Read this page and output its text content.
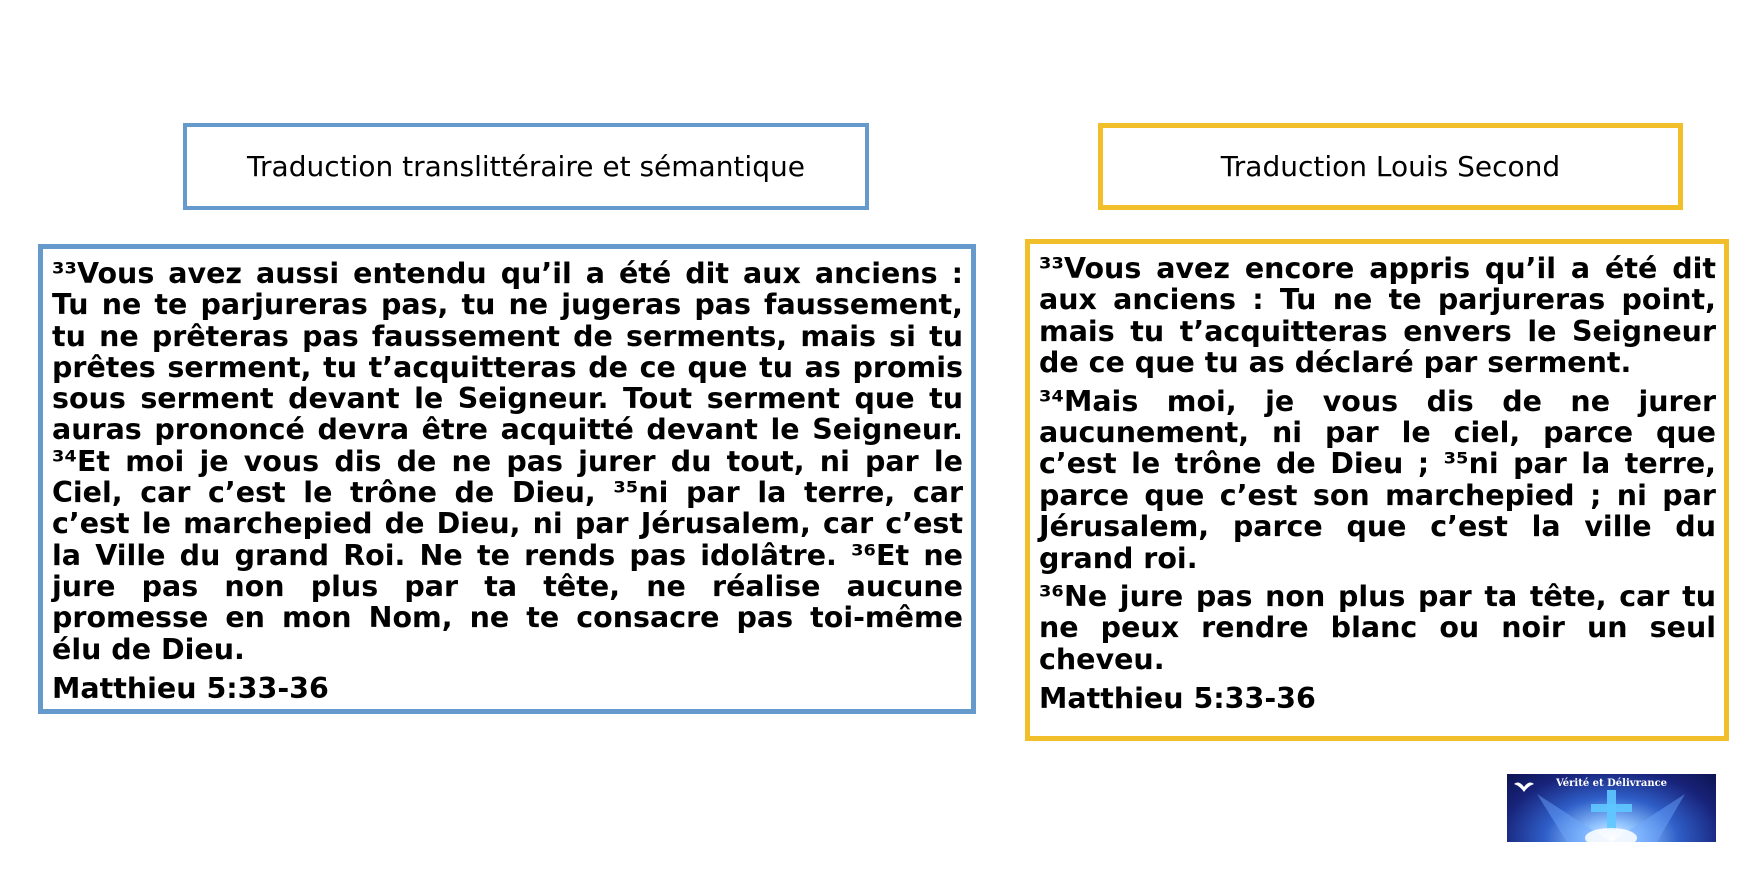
Traduction translittéraire et sémantique	Traduction Louis Second

³³Vous avez aussi entendu qu’il a été dit aux anciens : Tu ne te parjureras pas, tu ne jugeras pas faussement, tu ne prêteras pas faussement de serments, mais si tu prêtes serment, tu t’acquitteras de ce que tu as promis sous serment devant le Seigneur. Tout serment que tu auras prononcé devra être acquitté devant le Seigneur. ³⁴Et moi je vous dis de ne pas jurer du tout, ni par le Ciel, car c’est le trône de Dieu, ³⁵ni par la terre, car c’est le marchepied de Dieu, ni par Jérusalem, car c’est la Ville du grand Roi. Ne te rends pas idolâtre. ³⁶Et ne jure pas non plus par ta tête, ne réalise aucune promesse en mon Nom, ne te consacre pas toi-même élu de Dieu.

Matthieu 5:33-36

³³Vous avez encore appris qu’il a été dit aux anciens : Tu ne te parjureras point, mais tu t’acquitteras envers le Seigneur de ce que tu as déclaré par serment.

³⁴Mais moi, je vous dis de ne jurer aucunement, ni par le ciel, parce que c’est le trône de Dieu ; ³⁵ni par la terre, parce que c’est son marchepied ; ni par Jérusalem, parce que c’est la ville du grand roi.

³⁶Ne jure pas non plus par ta tête, car tu ne peux rendre blanc ou noir un seul cheveu.

Matthieu 5:33-36
Vérité et Délivrance
